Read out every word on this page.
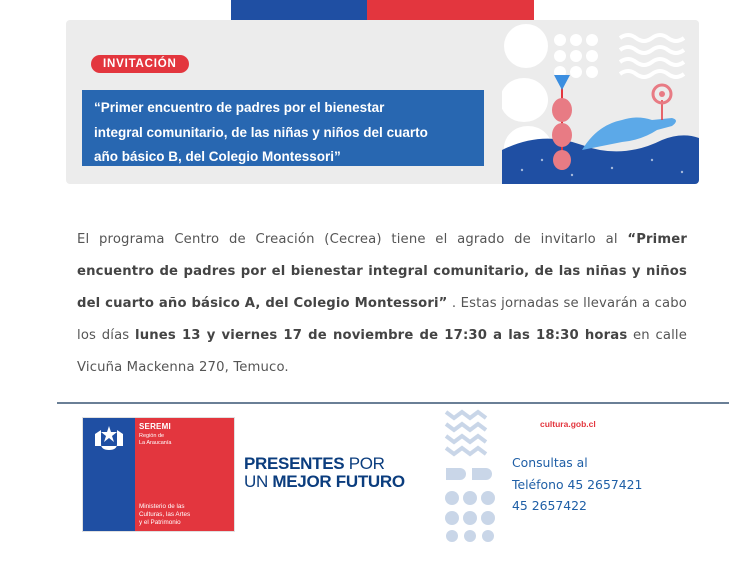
INVITACIÓN
“Primer encuentro de padres por el bienestar
integral comunitario, de las niñas y niños del cuarto
año básico B, del Colegio Montessori”
El programa Centro de Creación (Cecrea) tiene el agrado de invitarlo al “Primer encuentro de padres por el bienestar integral comunitario, de las niñas y niños del cuarto año básico A, del Colegio Montessori” . Estas jornadas se llevarán a cabo los días lunes 13 y viernes 17 de noviembre de 17:30 a las 18:30 horas en calle Vicuña Mackenna 270, Temuco.
SEREMI
Región de
La Araucanía
Ministerio de las
Culturas, las Artes
y el Patrimonio
PRESENTES POR
UN MEJOR FUTURO
cultura.gob.cl
Consultas al
Teléfono 45 2657421
45 2657422
